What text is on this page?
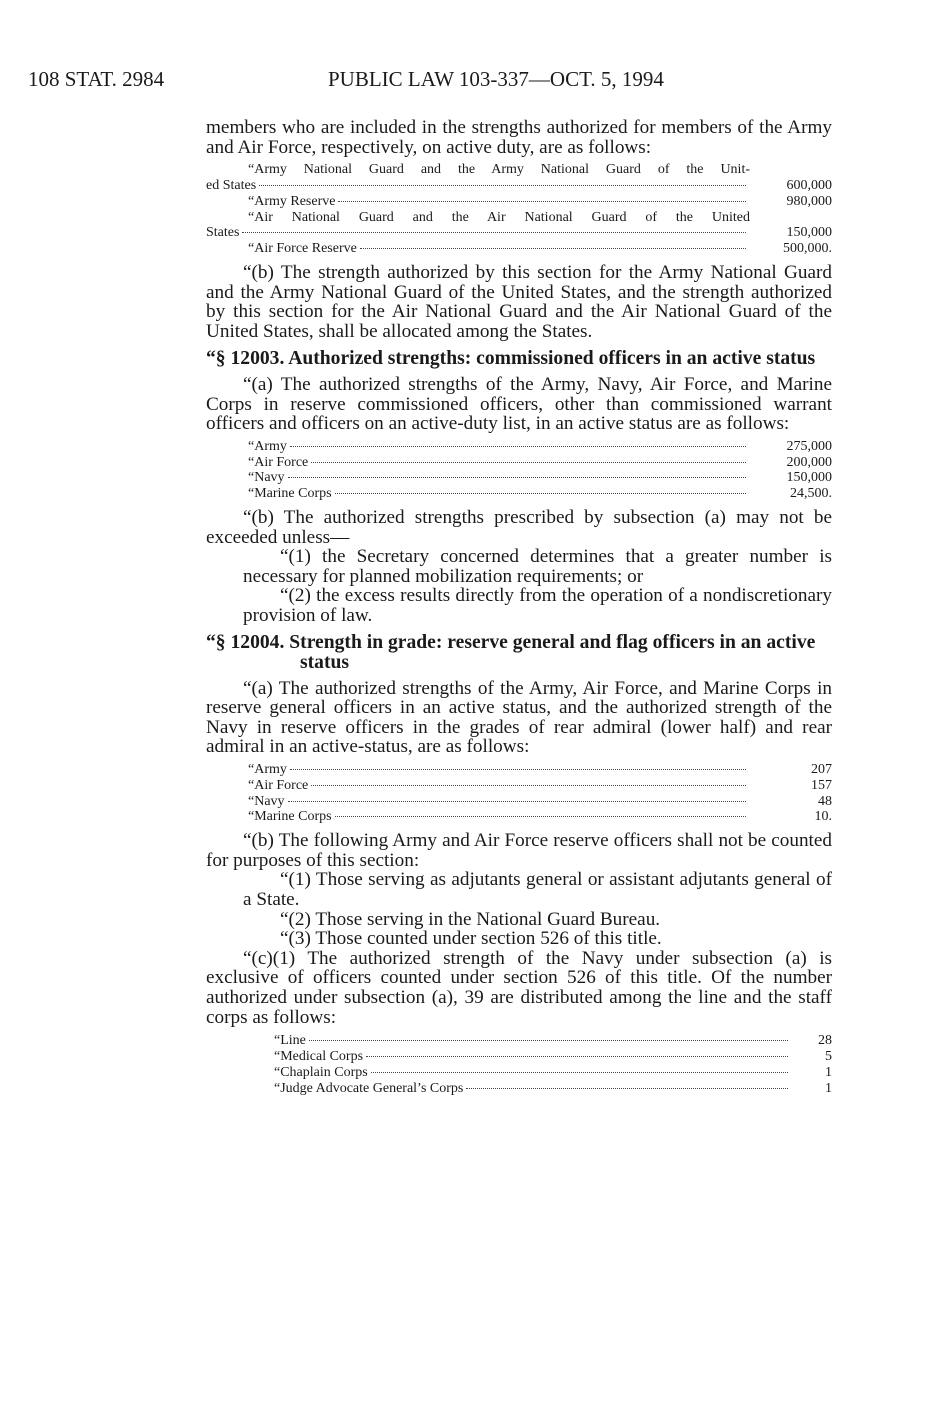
108 STAT. 2984	PUBLIC LAW 103-337—OCT. 5, 1994

members who are included in the strengths authorized for members of the Army and Air Force, respectively, on active duty, are as follows:

“Army National Guard and the Army National Guard of the Unit-
ed States	600,000
“Army Reserve	980,000
“Air National Guard and the Air National Guard of the United
States	150,000
“Air Force Reserve	500,000.

“(b) The strength authorized by this section for the Army National Guard and the Army National Guard of the United States, and the strength authorized by this section for the Air National Guard and the Air National Guard of the United States, shall be allocated among the States.

“§ 12003. Authorized strengths: commissioned officers in an active status

“(a) The authorized strengths of the Army, Navy, Air Force, and Marine Corps in reserve commissioned officers, other than commissioned warrant officers and officers on an active-duty list, in an active status are as follows:

“Army	275,000
“Air Force	200,000
“Navy	150,000
“Marine Corps	24,500.

“(b) The authorized strengths prescribed by subsection (a) may not be exceeded unless—

“(1) the Secretary concerned determines that a greater number is necessary for planned mobilization requirements; or

“(2) the excess results directly from the operation of a nondiscretionary provision of law.

“§ 12004. Strength in grade: reserve general and flag officers in an active status

“(a) The authorized strengths of the Army, Air Force, and Marine Corps in reserve general officers in an active status, and the authorized strength of the Navy in reserve officers in the grades of rear admiral (lower half) and rear admiral in an active-status, are as follows:

“Army	207
“Air Force	157
“Navy	48
“Marine Corps	10.

“(b) The following Army and Air Force reserve officers shall not be counted for purposes of this section:

“(1) Those serving as adjutants general or assistant adjutants general of a State.

“(2) Those serving in the National Guard Bureau.

“(3) Those counted under section 526 of this title.

“(c)(1) The authorized strength of the Navy under subsection (a) is exclusive of officers counted under section 526 of this title. Of the number authorized under subsection (a), 39 are distributed among the line and the staff corps as follows:

“Line	28
“Medical Corps	5
“Chaplain Corps	1
“Judge Advocate General’s Corps	1
